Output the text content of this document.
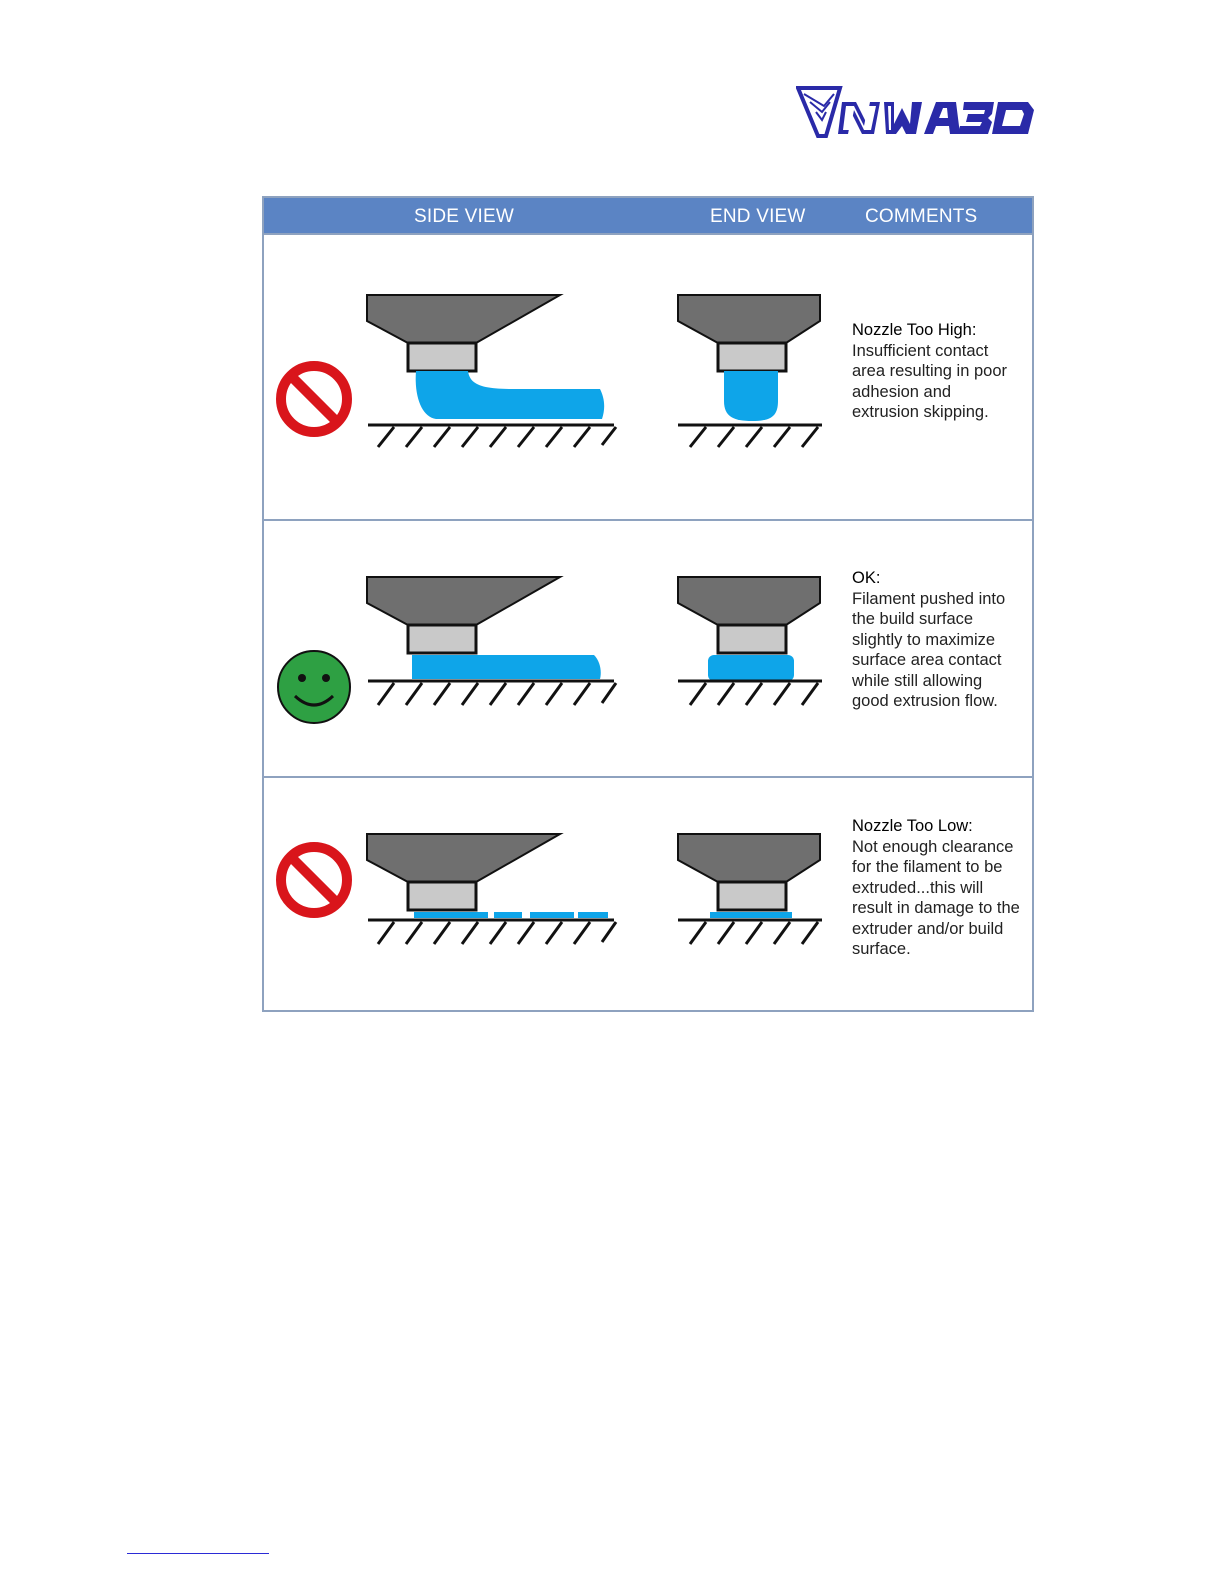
SIDE VIEW	END VIEW	COMMENTS
Nozzle Too High:
Insufficient contact area resulting in poor adhesion and extrusion skipping.
OK:
Filament pushed into the build surface slightly to maximize surface area contact while still allowing good extrusion flow.
Nozzle Too Low:
Not enough clearance for the filament to be extruded...this will result in damage to the extruder and/or build surface.
